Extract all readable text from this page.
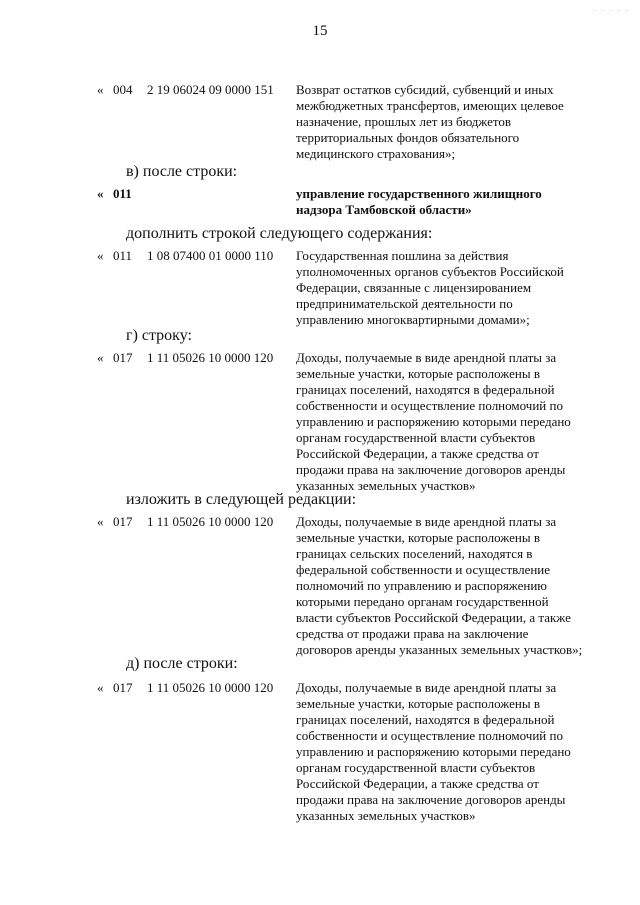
- - - - -
15
« 004 2 19 06024 09 0000 151 Возврат остатков субсидий, субвенций и иных
межбюджетных трансфертов, имеющих целевое
назначение, прошлых лет из бюджетов
территориальных фондов обязательного
медицинского страхования»;
в) после строки:
« 011	управление государственного жилищного
надзора Тамбовской области»
дополнить строкой следующего содержания:
« 011 1 08 07400 01 0000 110 Государственная пошлина за действия
уполномоченных органов субъектов Российской
Федерации, связанные с лицензированием
предпринимательской деятельности по
управлению многоквартирными домами»;
г) строку:
« 017 1 11 05026 10 0000 120 Доходы, получаемые в виде арендной платы за
земельные участки, которые расположены в
границах поселений, находятся в федеральной
собственности и осуществление полномочий по
управлению и распоряжению которыми передано
органам государственной власти субъектов
Российской Федерации, а также средства от
продажи права на заключение договоров аренды
указанных земельных участков»
изложить в следующей редакции:
« 017 1 11 05026 10 0000 120 Доходы, получаемые в виде арендной платы за
земельные участки, которые расположены в
границах сельских поселений, находятся в
федеральной собственности и осуществление
полномочий по управлению и распоряжению
которыми передано органам государственной
власти субъектов Российской Федерации, а также
средства от продажи права на заключение
договоров аренды указанных земельных участков»;
д) после строки:
« 017 1 11 05026 10 0000 120 Доходы, получаемые в виде арендной платы за
земельные участки, которые расположены в
границах поселений, находятся в федеральной
собственности и осуществление полномочий по
управлению и распоряжению которыми передано
органам государственной власти субъектов
Российской Федерации, а также средства от
продажи права на заключение договоров аренды
указанных земельных участков»
